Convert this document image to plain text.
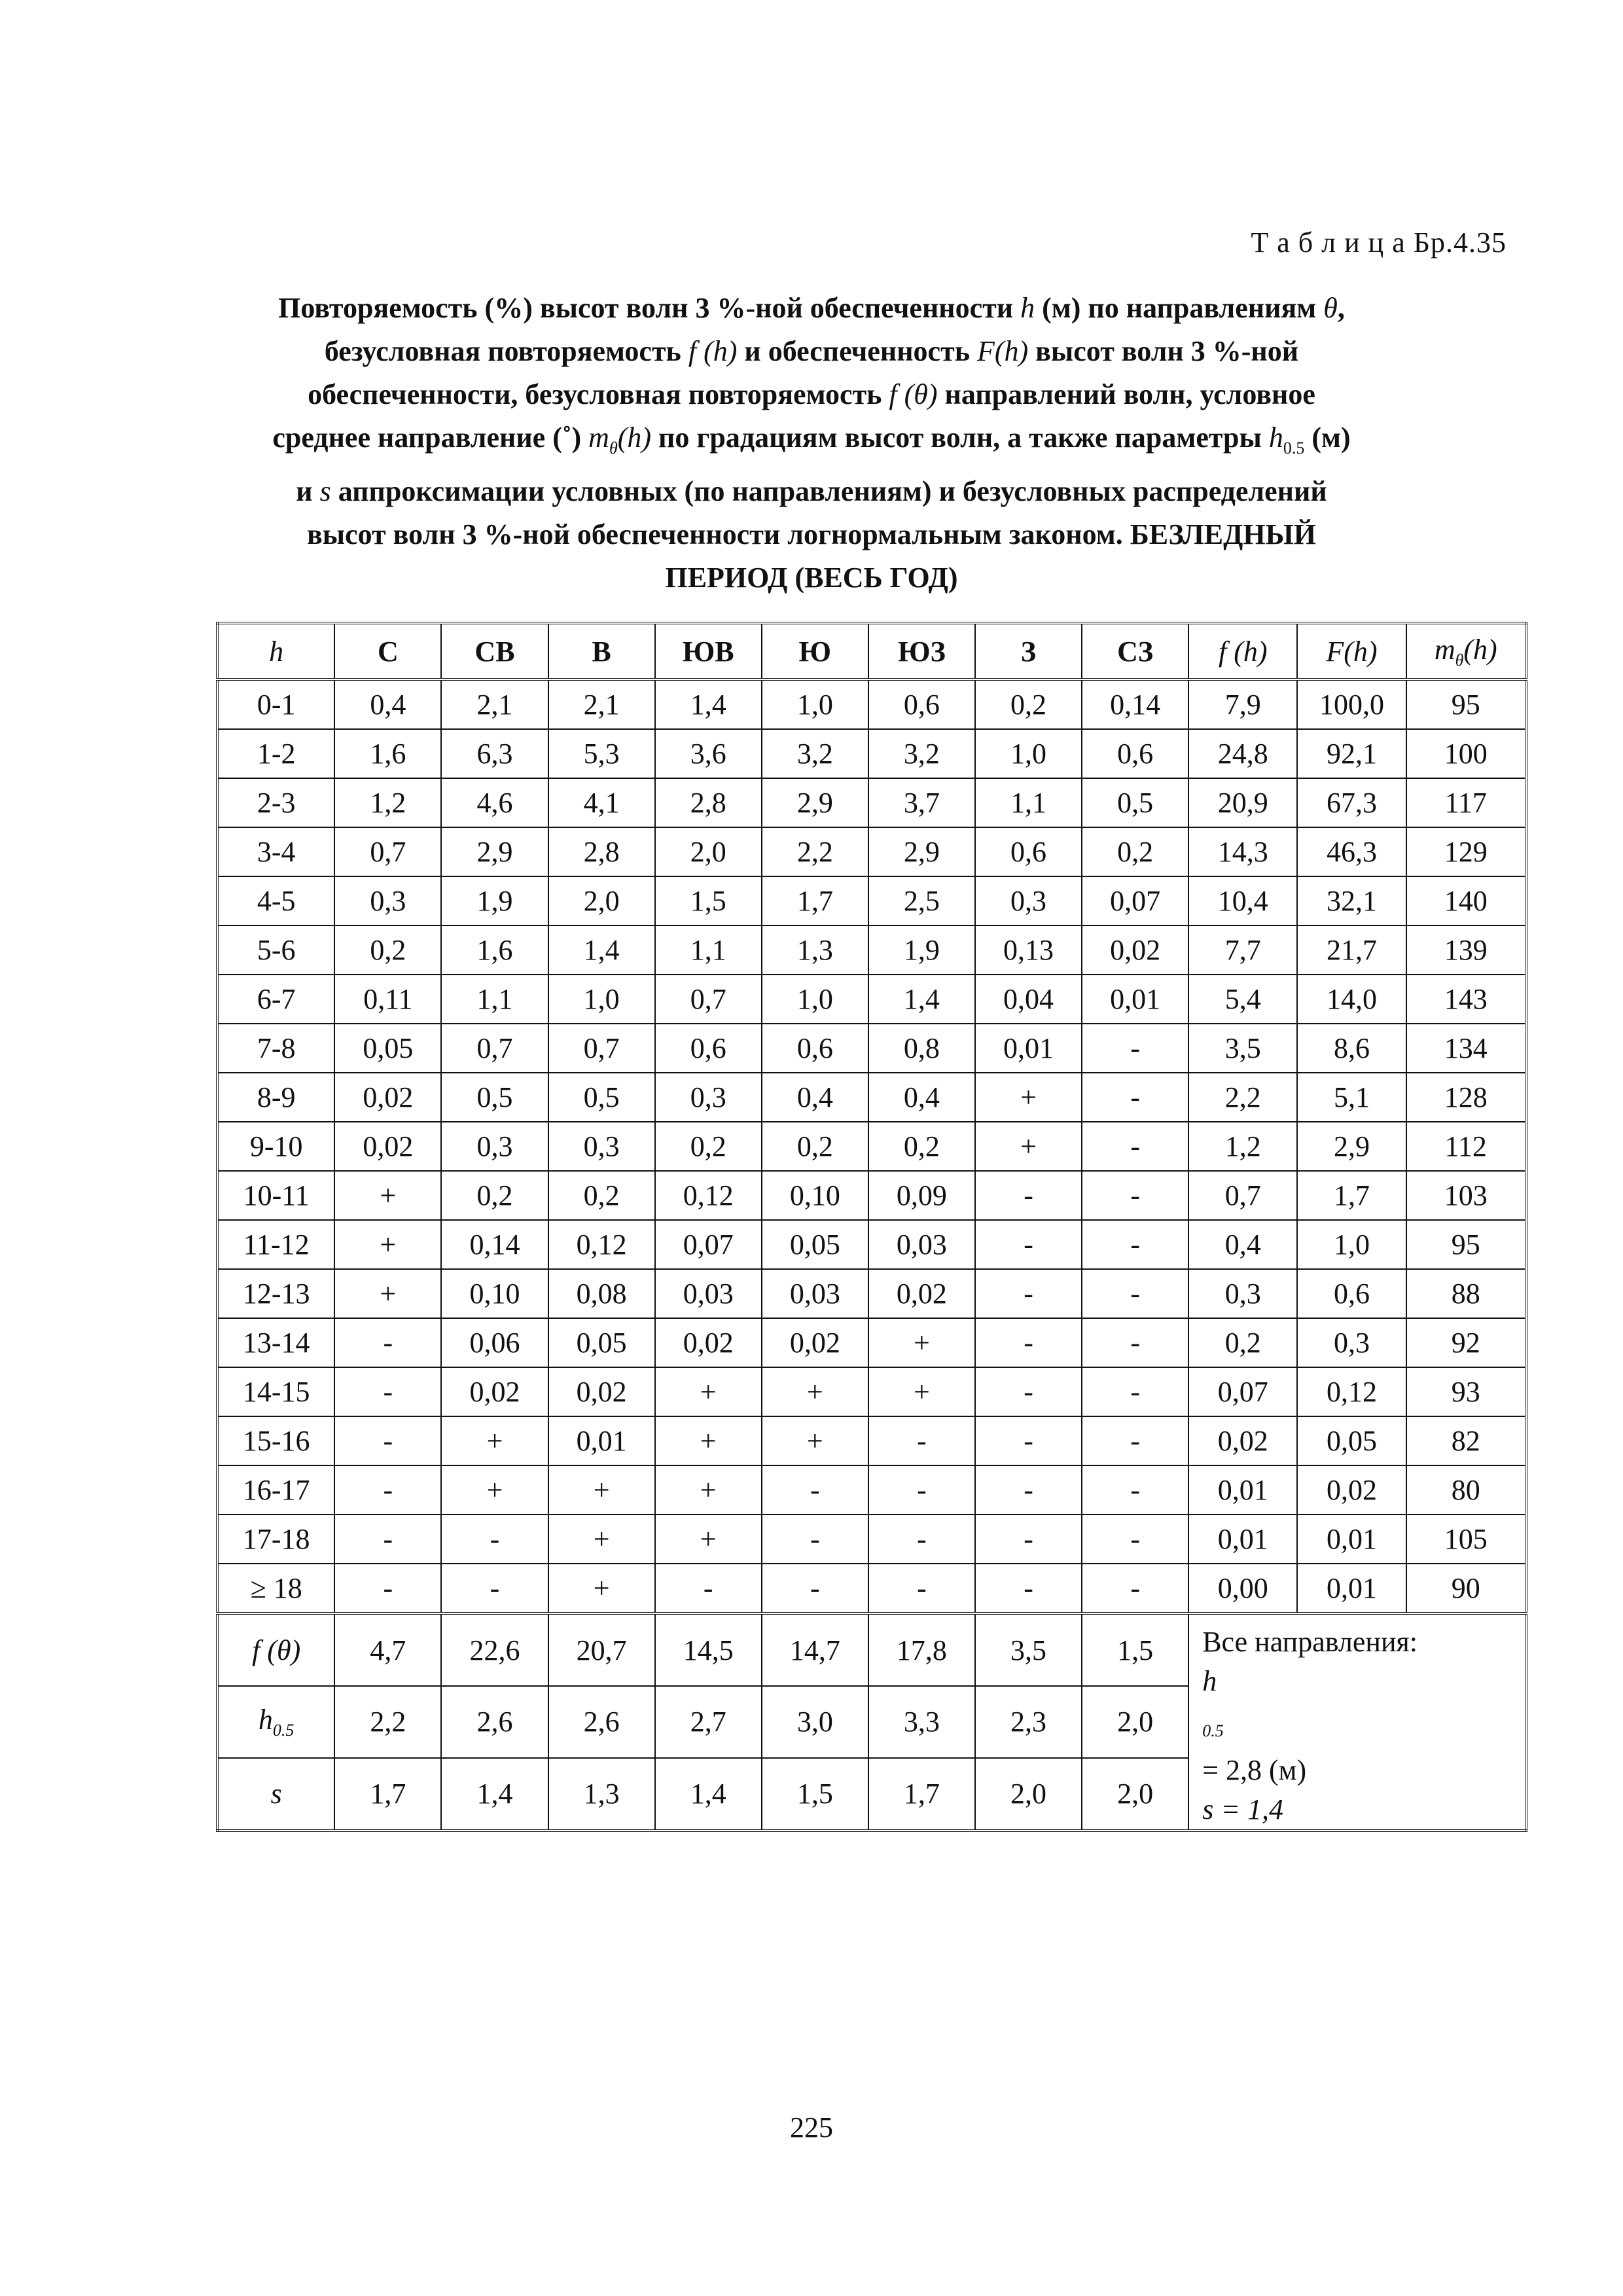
Т а б л и ц а Бр.4.35
Повторяемость (%) высот волн 3 %-ной обеспеченности h (м) по направлениям θ,
безусловная повторяемость f (h) и обеспеченность F(h) высот волн 3 %-ной
обеспеченности, безусловная повторяемость f (θ) направлений волн, условное
среднее направление (˚) $m_\theta(h)$ по градациям высот волн, а также параметры $h_{0.5}$ (м)
и s аппроксимации условных (по направлениям) и безусловных распределений
высот волн 3 %-ной обеспеченности логнормальным законом. БЕЗЛЕДНЫЙ
ПЕРИОД (ВЕСЬ ГОД)
h	С	СВ	В	ЮВ	Ю	ЮЗ	З	СЗ	f (h)	F(h)	$m_\theta(h)$
0-1	0,4	2,1	2,1	1,4	1,0	0,6	0,2	0,14	7,9	100,0	95
1-2	1,6	6,3	5,3	3,6	3,2	3,2	1,0	0,6	24,8	92,1	100
2-3	1,2	4,6	4,1	2,8	2,9	3,7	1,1	0,5	20,9	67,3	117
3-4	0,7	2,9	2,8	2,0	2,2	2,9	0,6	0,2	14,3	46,3	129
4-5	0,3	1,9	2,0	1,5	1,7	2,5	0,3	0,07	10,4	32,1	140
5-6	0,2	1,6	1,4	1,1	1,3	1,9	0,13	0,02	7,7	21,7	139
6-7	0,11	1,1	1,0	0,7	1,0	1,4	0,04	0,01	5,4	14,0	143
7-8	0,05	0,7	0,7	0,6	0,6	0,8	0,01	-	3,5	8,6	134
8-9	0,02	0,5	0,5	0,3	0,4	0,4	+	-	2,2	5,1	128
9-10	0,02	0,3	0,3	0,2	0,2	0,2	+	-	1,2	2,9	112
10-11	+	0,2	0,2	0,12	0,10	0,09	-	-	0,7	1,7	103
11-12	+	0,14	0,12	0,07	0,05	0,03	-	-	0,4	1,0	95
12-13	+	0,10	0,08	0,03	0,03	0,02	-	-	0,3	0,6	88
13-14	-	0,06	0,05	0,02	0,02	+	-	-	0,2	0,3	92
14-15	-	0,02	0,02	+	+	+	-	-	0,07	0,12	93
15-16	-	+	0,01	+	+	-	-	-	0,02	0,05	82
16-17	-	+	+	+	-	-	-	-	0,01	0,02	80
17-18	-	-	+	+	-	-	-	-	0,01	0,01	105
≥ 18	-	-	+	-	-	-	-	-	0,00	0,01	90
f (θ)	4,7	22,6	20,7	14,5	14,7	17,8	3,5	1,5	Все направления:
h
$_{0.5}$
= 2,8 (м)
s = 1,4		

$h_{0.5}$	2,2	2,6	2,6	2,7	3,0	3,3	2,3	2,0			
s	1,7	1,4	1,3	1,4	1,5	1,7	2,0	2,0			
225
